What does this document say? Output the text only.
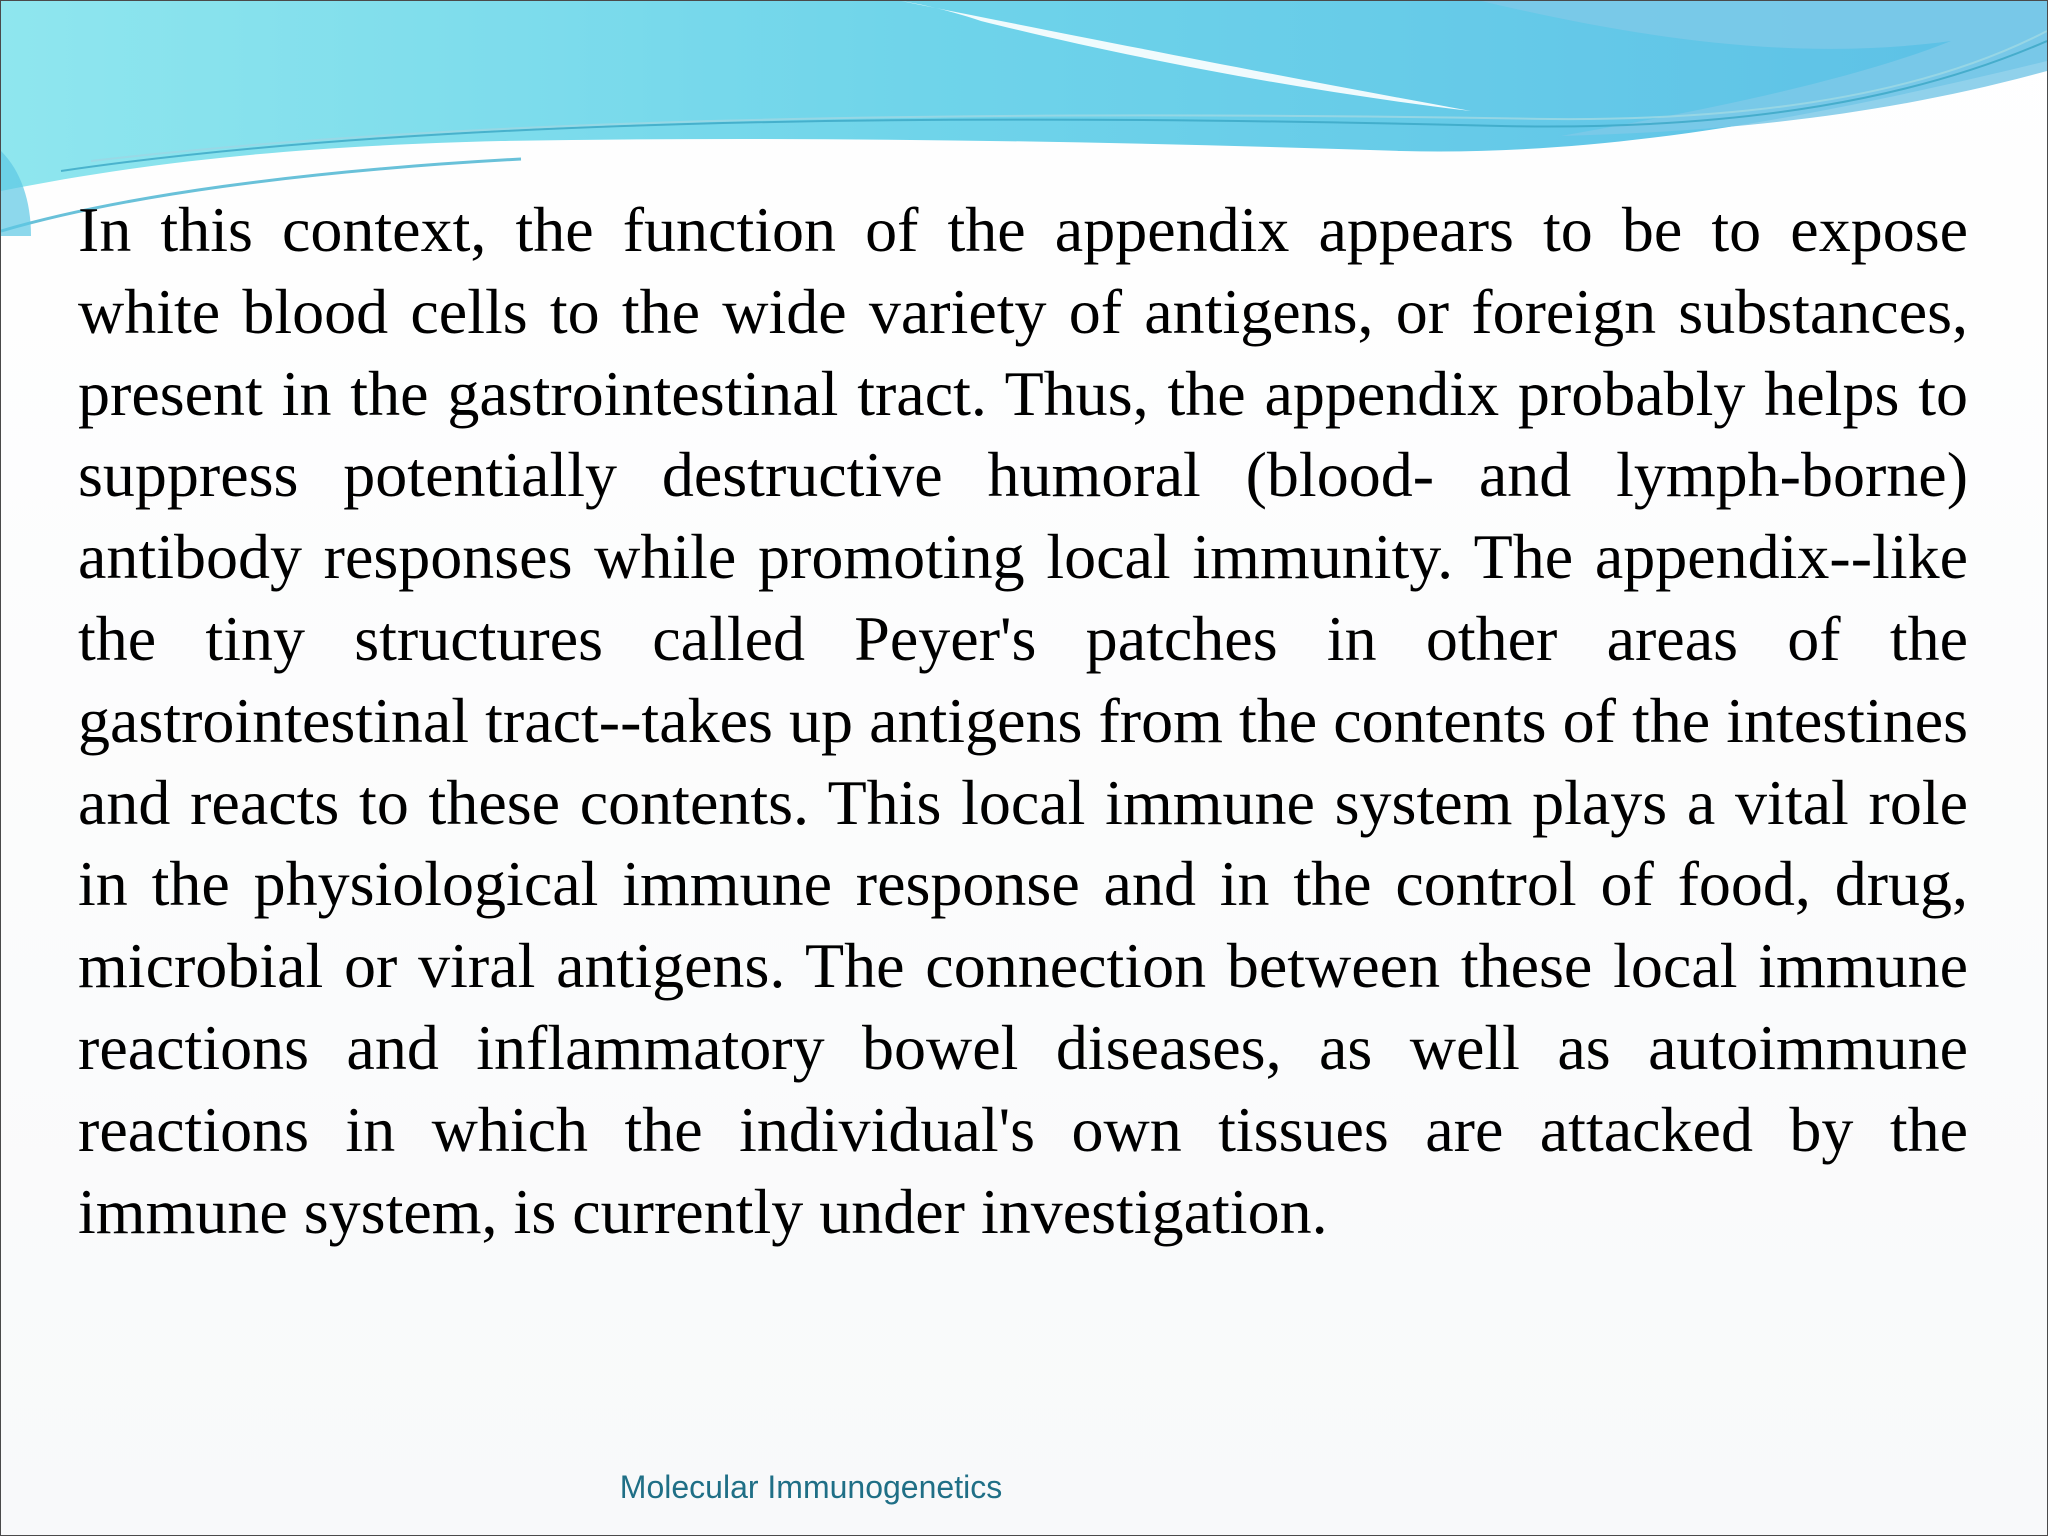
In this context, the function of the appendix appears to be to expose white blood cells to the wide variety of antigens, or foreign substances, present in the gastrointestinal tract. Thus, the appendix probably helps to suppress potentially destructive humoral (blood- and lymph-borne) antibody responses while promoting local immunity. The appendix--like the tiny structures called Peyer's patches in other areas of the gastrointestinal tract--takes up antigens from the contents of the intestines and reacts to these contents. This local immune system plays a vital role in the physiological immune response and in the control of food, drug, microbial or viral antigens. The connection between these local immune reactions and inflammatory bowel diseases, as well as autoimmune reactions in which the individual's own tissues are attacked by the immune system, is currently under investigation.

Molecular Immunogenetics
